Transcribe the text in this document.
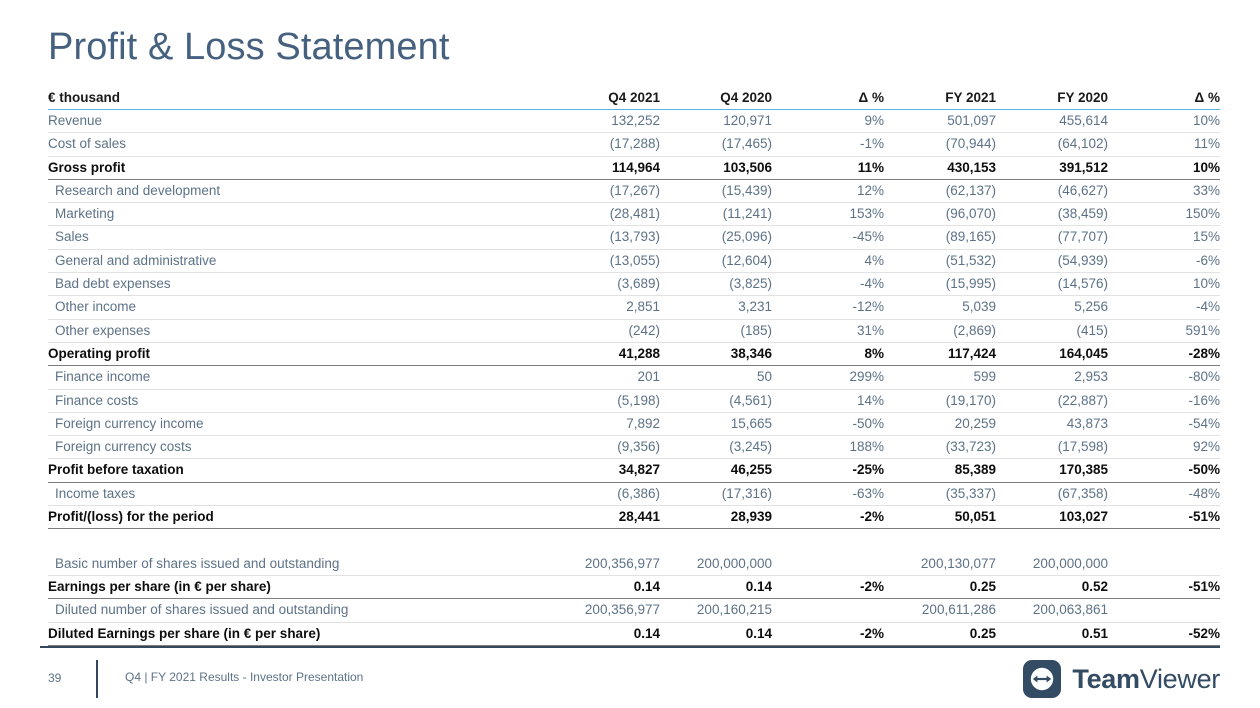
Profit & Loss Statement
€ thousand	Q4 2021	Q4 2020	Δ %	FY 2021	FY 2020	Δ %
Revenue	132,252	120,971	9%	501,097	455,614	10%
Cost of sales	(17,288)	(17,465)	-1%	(70,944)	(64,102)	11%
Gross profit	114,964	103,506	11%	430,153	391,512	10%
Research and development	(17,267)	(15,439)	12%	(62,137)	(46,627)	33%
Marketing	(28,481)	(11,241)	153%	(96,070)	(38,459)	150%
Sales	(13,793)	(25,096)	-45%	(89,165)	(77,707)	15%
General and administrative	(13,055)	(12,604)	4%	(51,532)	(54,939)	-6%
Bad debt expenses	(3,689)	(3,825)	-4%	(15,995)	(14,576)	10%
Other income	2,851	3,231	-12%	5,039	5,256	-4%
Other expenses	(242)	(185)	31%	(2,869)	(415)	591%
Operating profit	41,288	38,346	8%	117,424	164,045	-28%
Finance income	201	50	299%	599	2,953	-80%
Finance costs	(5,198)	(4,561)	14%	(19,170)	(22,887)	-16%
Foreign currency income	7,892	15,665	-50%	20,259	43,873	-54%
Foreign currency costs	(9,356)	(3,245)	188%	(33,723)	(17,598)	92%
Profit before taxation	34,827	46,255	-25%	85,389	170,385	-50%
Income taxes	(6,386)	(17,316)	-63%	(35,337)	(67,358)	-48%
Profit/(loss) for the period	28,441	28,939	-2%	50,051	103,027	-51%

Basic number of shares issued and outstanding	200,356,977	200,000,000		200,130,077	200,000,000	
Earnings per share (in € per share)	0.14	0.14	-2%	0.25	0.52	-51%
Diluted number of shares issued and outstanding	200,356,977	200,160,215		200,611,286	200,063,861	
Diluted Earnings per share (in € per share)	0.14	0.14	-2%	0.25	0.51	-52%
39	Q4 | FY 2021 Results - Investor Presentation	TeamViewer
